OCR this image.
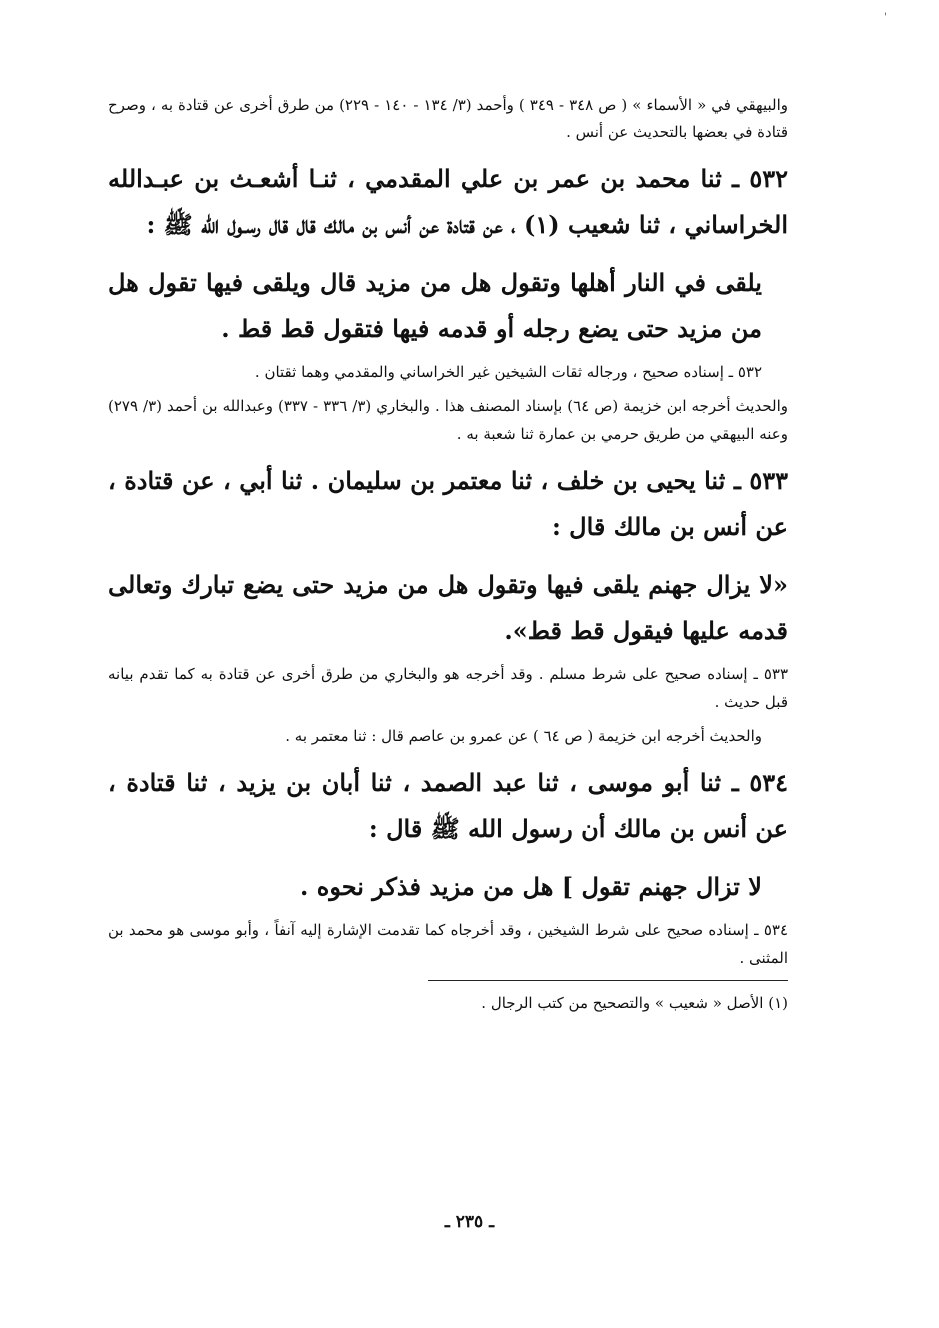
'

والبيهقي في « الأسماء » ( ص ٣٤٨ - ٣٤٩ ) وأحمد (٣/ ١٣٤ - ١٤٠ - ٢٢٩) من طرق أخرى عن قتادة به ، وصرح قتادة في بعضها بالتحديث عن أنس .

٥٣٢ ـ ثنا محمد بن عمر بن علي المقدمي ، ثنـا أشعـث بن عبـدالله الخراساني ، ثنا شعيب (١) ، عن قتادة عن أنس بن مالك قال قال رسـول الله ﷺ :

يلقى في النار أهلها وتقول هل من مزيد قال ويلقى فيها تقول هل من مزيد حتى يضع رجله أو قدمه فيها فتقول قط قط .

٥٣٢ ـ إسناده صحيح ، ورجاله ثقات الشيخين غير الخراساني والمقدمي وهما ثقتان .

والحديث أخرجه ابن خزيمة (ص ٦٤) بإسناد المصنف هذا . والبخاري (٣/ ٣٣٦ - ٣٣٧) وعبدالله بن أحمد (٣/ ٢٧٩) وعنه البيهقي من طريق حرمي بن عمارة ثنا شعبة به .

٥٣٣ ـ ثنا يحيى بن خلف ، ثنا معتمر بن سليمان . ثنا أبي ، عن قتادة ، عن أنس بن مالك قال :

«لا يزال جهنم يلقى فيها وتقول هل من مزيد حتى يضع تبارك وتعالى قدمه عليها فيقول قط قط».

٥٣٣ ـ إسناده صحيح على شرط مسلم . وقد أخرجه هو والبخاري من طرق أخرى عن قتادة به كما تقدم بيانه قبل حديث .

والحديث أخرجه ابن خزيمة ( ص ٦٤ ) عن عمرو بن عاصم قال : ثنا معتمر به .

٥٣٤ ـ ثنا أبو موسى ، ثنا عبد الصمد ، ثنا أبان بن يزيد ، ثنا قتادة ، عن أنس بن مالك أن رسول الله ﷺ قال :

لا تزال جهنم تقول ] هل من مزيد فذكر نحوه .

٥٣٤ ـ إسناده صحيح على شرط الشيخين ، وقد أخرجاه كما تقدمت الإشارة إليه آنفاً ، وأبو موسى هو محمد بن المثنى .

(١) الأصل « شعيب » والتصحيح من كتب الرجال .

ـ ٢٣٥ ـ
